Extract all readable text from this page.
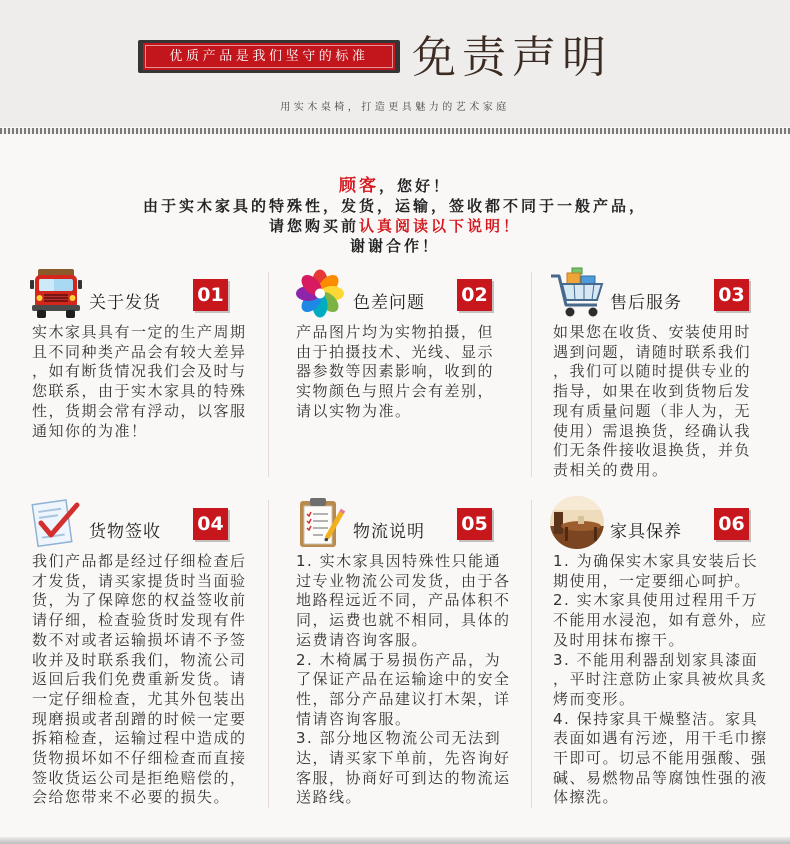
优质产品是我们坚守的标准 免责声明
用实木桌椅，打造更具魅力的艺术家庭
顾客，您好！
由于实木家具的特殊性，发货，运输，签收都不同于一般产品，
请您购买前认真阅读以下说明！
谢谢合作！
关于发货 01
实木家具具有一定的生产周期
且不同种类产品会有较大差异
，如有断货情况我们会及时与
您联系，由于实木家具的特殊
性，货期会常有浮动，以客服
通知你的为准！
色差问题 02
产品图片均为实物拍摄，但
由于拍摄技术、光线、显示
器参数等因素影响，收到的
实物颜色与照片会有差别，
请以实物为准。
售后服务 03
如果您在收货、安装使用时
遇到问题，请随时联系我们
，我们可以随时提供专业的
指导，如果在收到货物后发
现有质量问题（非人为，无
使用）需退换货，经确认我
们无条件接收退换货，并负
责相关的费用。
货物签收 04
我们产品都是经过仔细检查后
才发货，请买家提货时当面验
货，为了保障您的权益签收前
请仔细，检查验货时发现有件
数不对或者运输损坏请不予签
收并及时联系我们，物流公司
返回后我们免费重新发货。请
一定仔细检查，尤其外包装出
现磨损或者刮蹭的时候一定要
拆箱检查，运输过程中造成的
货物损坏如不仔细检查而直接
签收货运公司是拒绝赔偿的，
会给您带来不必要的损失。
物流说明 05
1. 实木家具因特殊性只能通
过专业物流公司发货，由于各
地路程远近不同，产品体积不
同，运费也就不相同，具体的
运费请咨询客服。
2. 木椅属于易损伤产品，为
了保证产品在运输途中的安全
性，部分产品建议打木架，详
情请咨询客服。
3. 部分地区物流公司无法到
达，请买家下单前，先咨询好
客服，协商好可到达的物流运
送路线。
家具保养 06
1. 为确保实木家具安装后长
期使用，一定要细心呵护。
2. 实木家具使用过程用千万
不能用水浸泡，如有意外，应
及时用抹布擦干。
3. 不能用利器刮划家具漆面
，平时注意防止家具被炊具炙
烤而变形。
4. 保持家具干燥整洁。家具
表面如遇有污迹，用干毛巾擦
干即可。切忌不能用强酸、强
碱、易燃物品等腐蚀性强的液
体擦洗。
